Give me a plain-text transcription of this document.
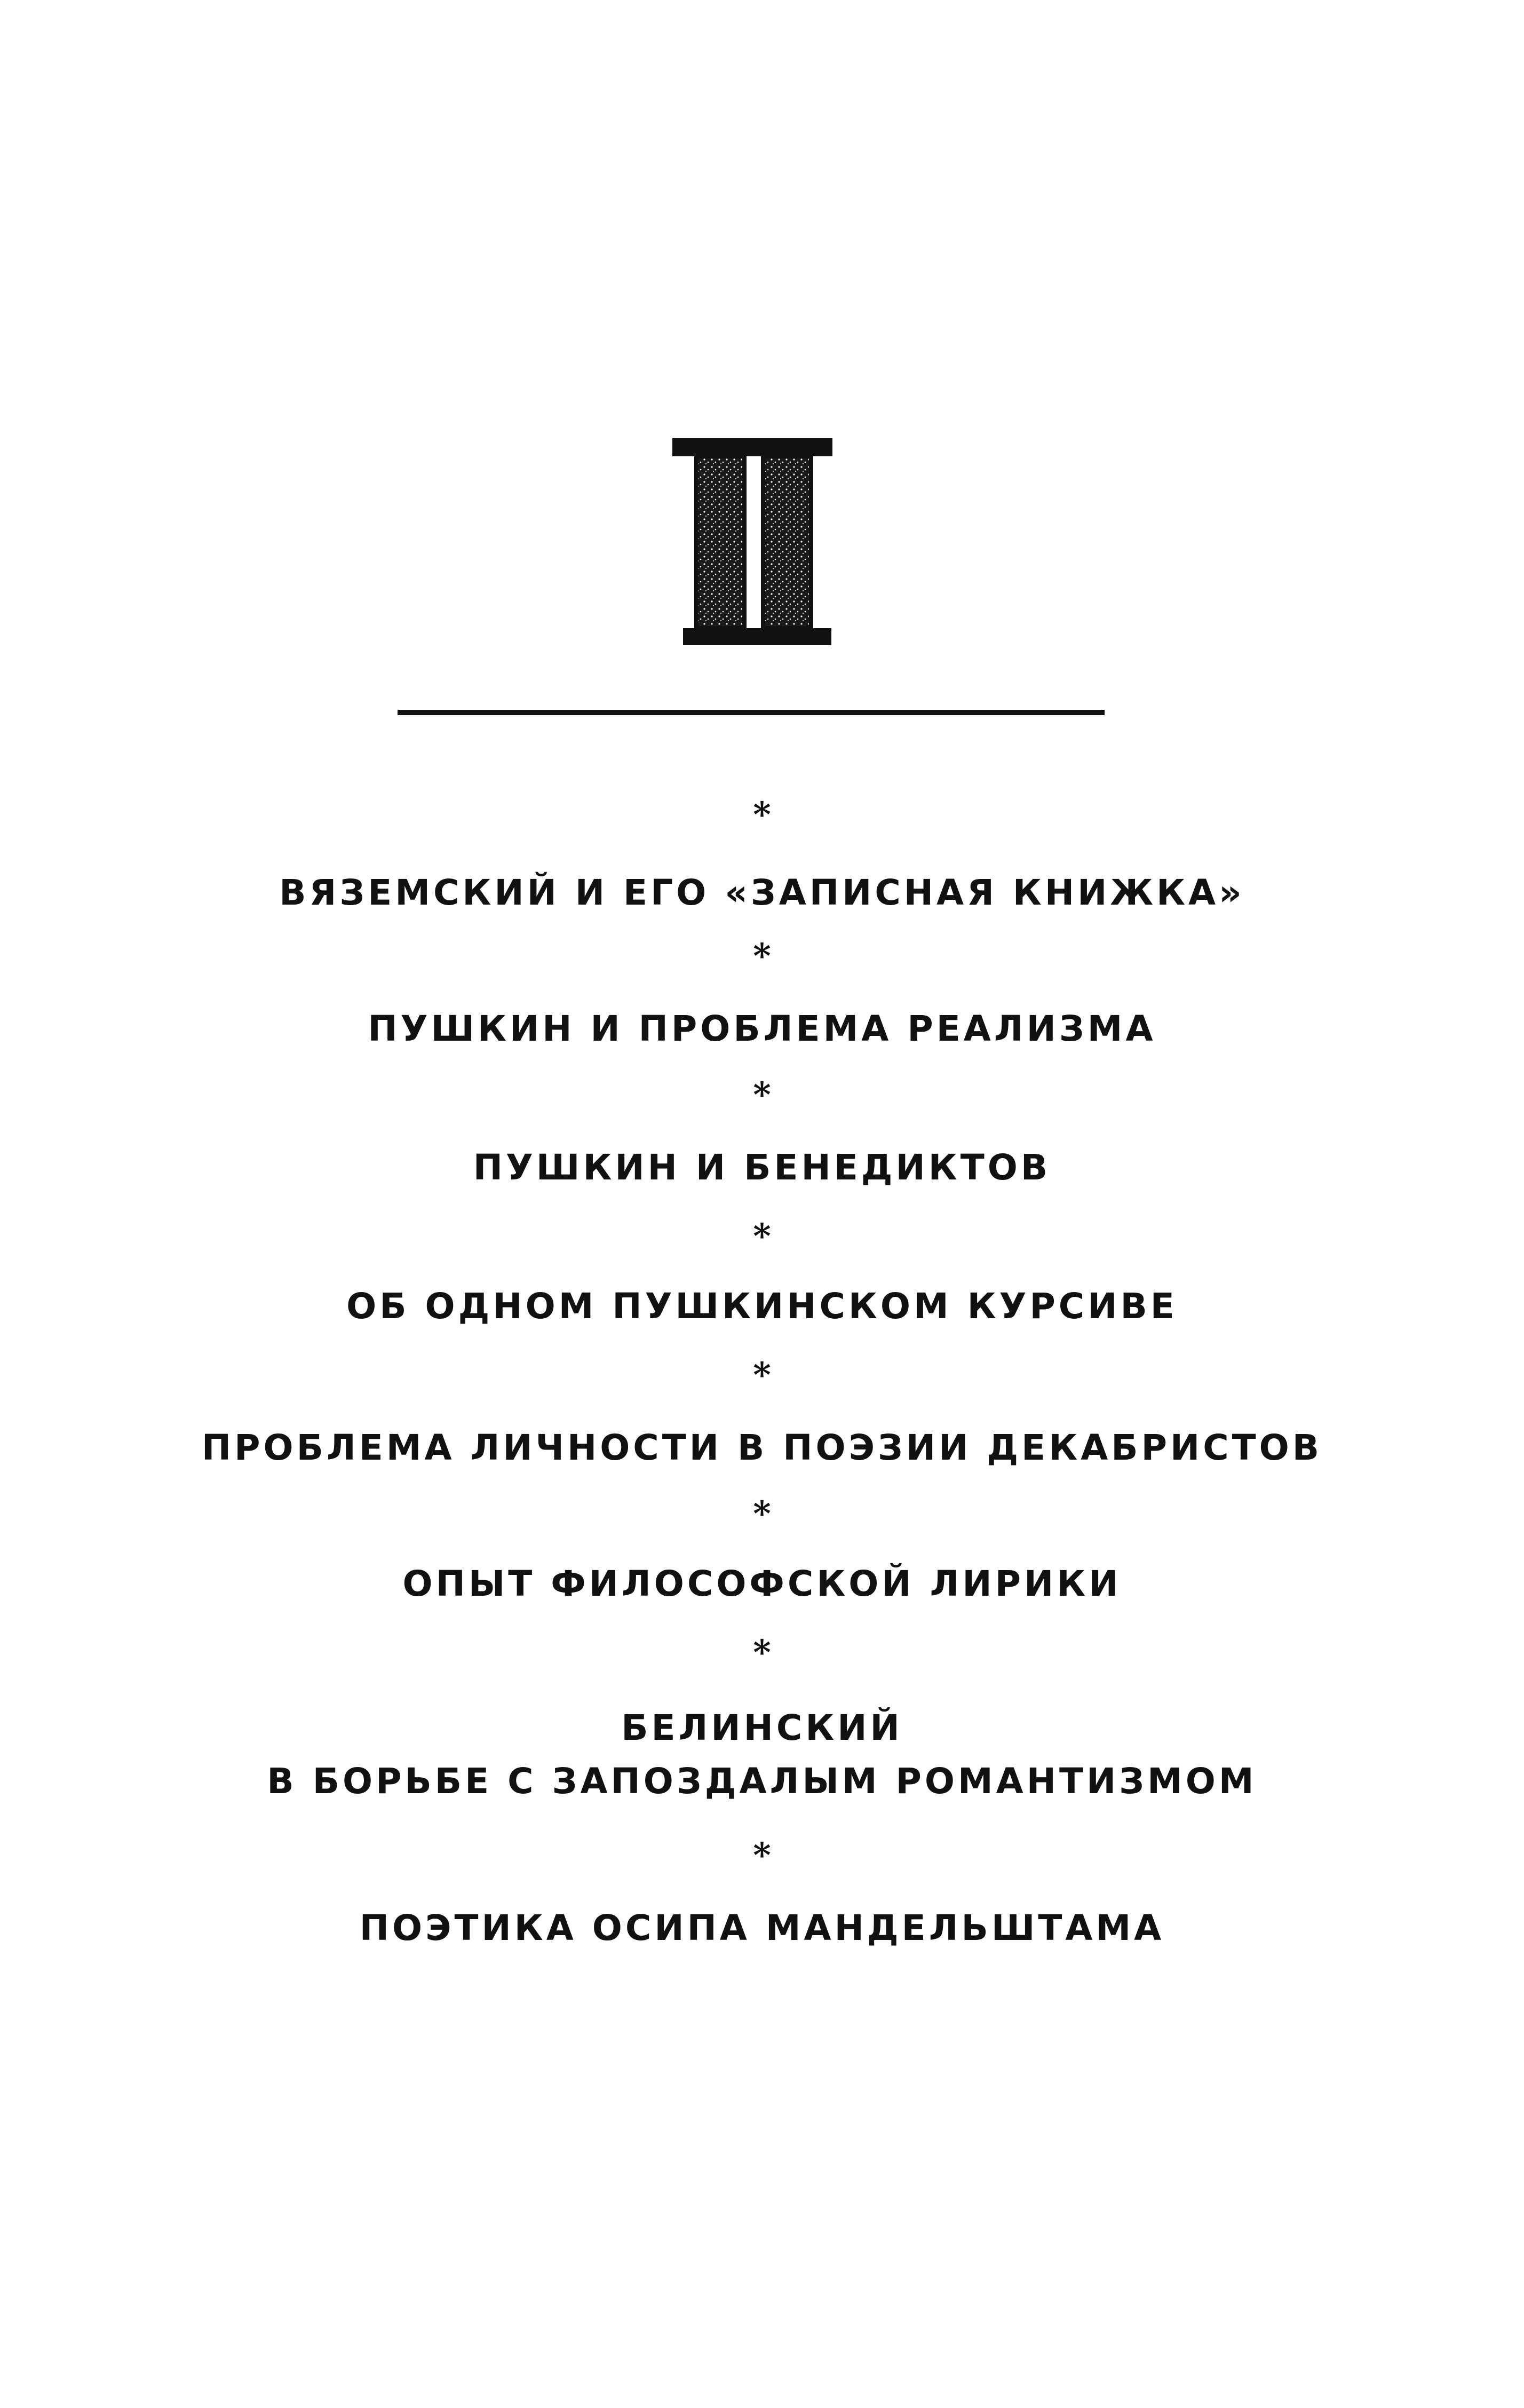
*
ВЯЗЕМСКИЙ И ЕГО «ЗАПИСНАЯ КНИЖКА»
*
ПУШКИН И ПРОБЛЕМА РЕАЛИЗМА
*
ПУШКИН И БЕНЕДИКТОВ
*
ОБ ОДНОМ ПУШКИНСКОМ КУРСИВЕ
*
ПРОБЛЕМА ЛИЧНОСТИ В ПОЭЗИИ ДЕКАБРИСТОВ
*
ОПЫТ ФИЛОСОФСКОЙ ЛИРИКИ
*
БЕЛИНСКИЙ
В БОРЬБЕ С ЗАПОЗДАЛЫМ РОМАНТИЗМОМ
*
ПОЭТИКА ОСИПА МАНДЕЛЬШТАМА
